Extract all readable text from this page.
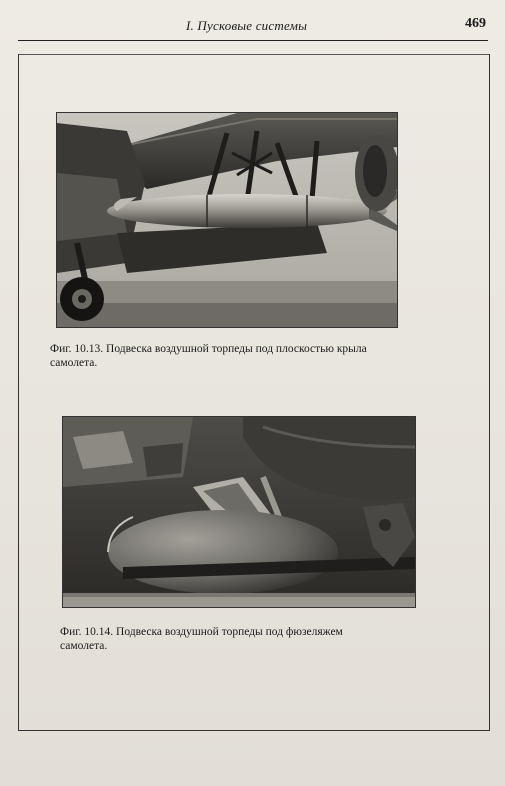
I. Пусковые системы	469
Фиг. 10.13. Подвеска воздушной торпеды под плоскостью крыла
самолета.
Фиг. 10.14. Подвеска воздушной торпеды под фюзеляжем
самолета.
